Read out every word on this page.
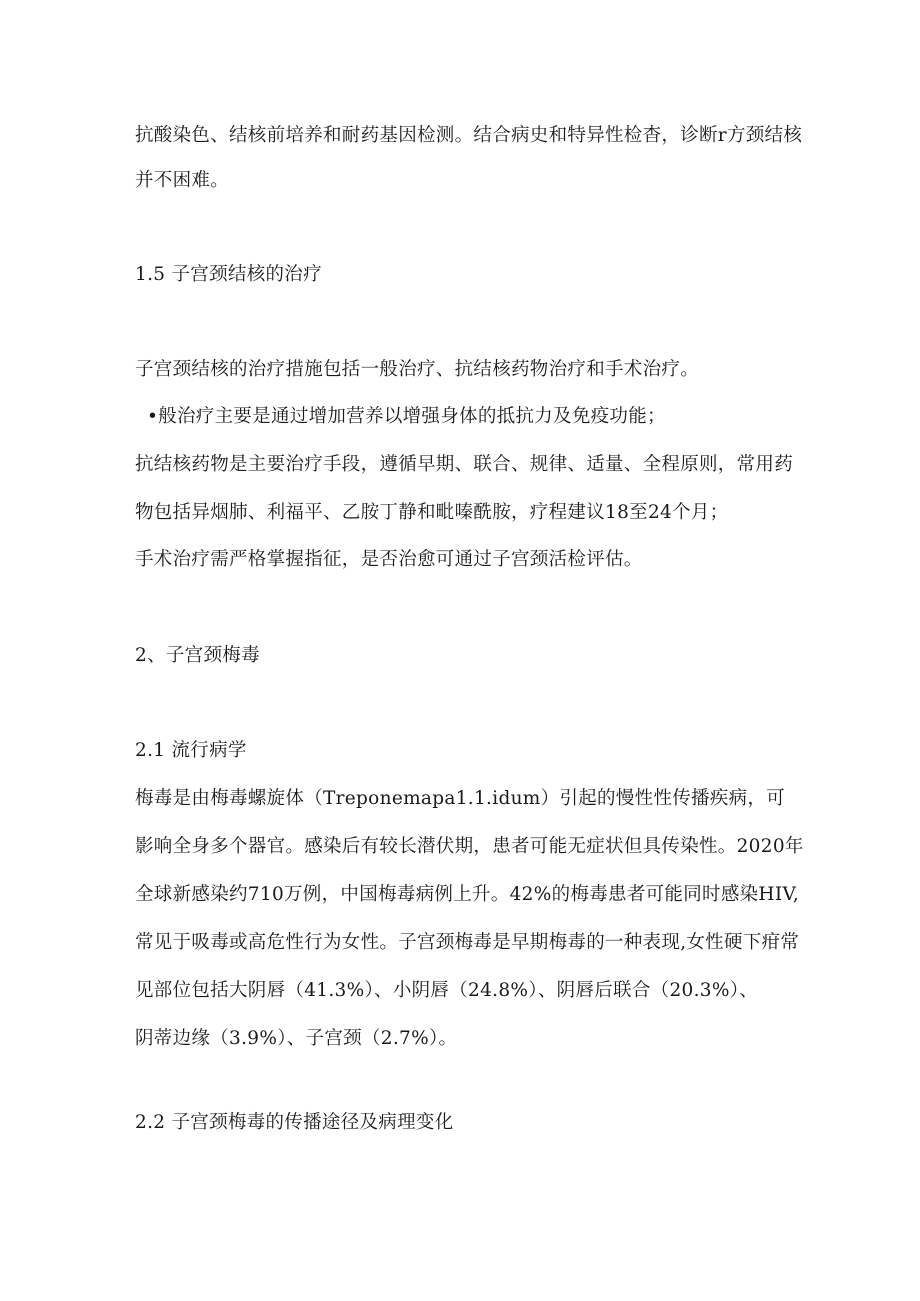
抗酸染色、结核前培养和耐药基因检测。结合病史和特异性检杳，诊断r方颈结核
并不困难。
1.5 子宫颈结核的治疗
子宫颈结核的治疗措施包括一般治疗、抗结核药物治疗和手术治疗。
•般治疗主要是通过增加营养以增强身体的抵抗力及免疫功能；
抗结核药物是主要治疗手段，遵循早期、联合、规律、适量、全程原则，常用药
物包括异烟肺、利福平、乙胺丁静和毗嗪酰胺，疗程建议18至24个月；
手术治疗需严格掌握指征，是否治愈可通过子宫颈活检评估。
2、子宫颈梅毒
2.1 流行病学
梅毒是由梅毒螺旋体（Treponemapa1.1.idum）引起的慢性性传播疾病，可
影响全身多个器官。感染后有较长潜伏期，患者可能无症状但具传染性。2020年
全球新感染约710万例，中国梅毒病例上升。42%的梅毒患者可能同时感染HIV,
常见于吸毒或高危性行为女性。子宫颈梅毒是早期梅毒的一种表现,女性硬下疳常
见部位包括大阴唇（41.3%）、小阴唇（24.8%）、阴唇后联合（20.3%）、
阴蒂边缘（3.9%）、子宫颈（2.7%）。
2.2 子宫颈梅毒的传播途径及病理变化
